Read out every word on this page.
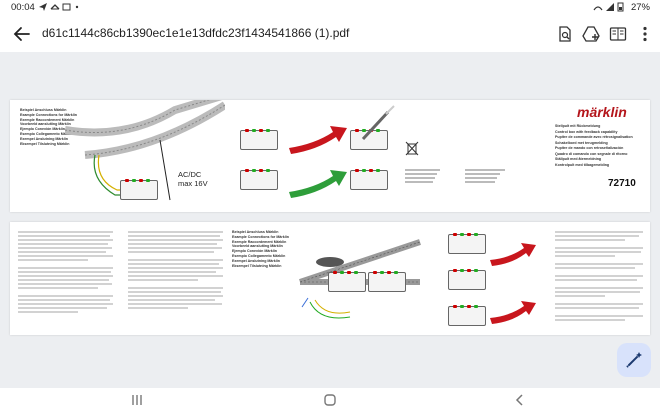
00:04	27%
d61c1144c86cb1390ec1e1e13dfdc23f1434541866 (1).pdf
Beispiel Anschluss Märklin
Example Connections for Märklin
Exemple Raccordement Märklin
Voorbeeld aansluiting Märklin
Ejemplo Conexión Märklin
Esempio Collegamento Märklin
Exempel Anslutning Märklin
Eksempel Tilslutning Märklin
AC/DC
max 16V
märklin
Stellpult mit Rückmeldung
Control box with feedback capability
Pupitre de commande avec rétrosignalisation
Schakelbord met terugmelding
Pupitre de mando con retroseñalización
Quadro di comando con segnale di ritorno
Ställpult med återmeldning
Kontrolpult med tilbagemelding
72710
Beispiel Anschluss Märklin
Example Connections for Märklin
Exemple Raccordement Märklin
Voorbeeld aansluiting Märklin
Ejemplo Conexión Märklin
Esempio Collegamento Märklin
Exempel Anslutning Märklin
Eksempel Tilslutning Märklin
